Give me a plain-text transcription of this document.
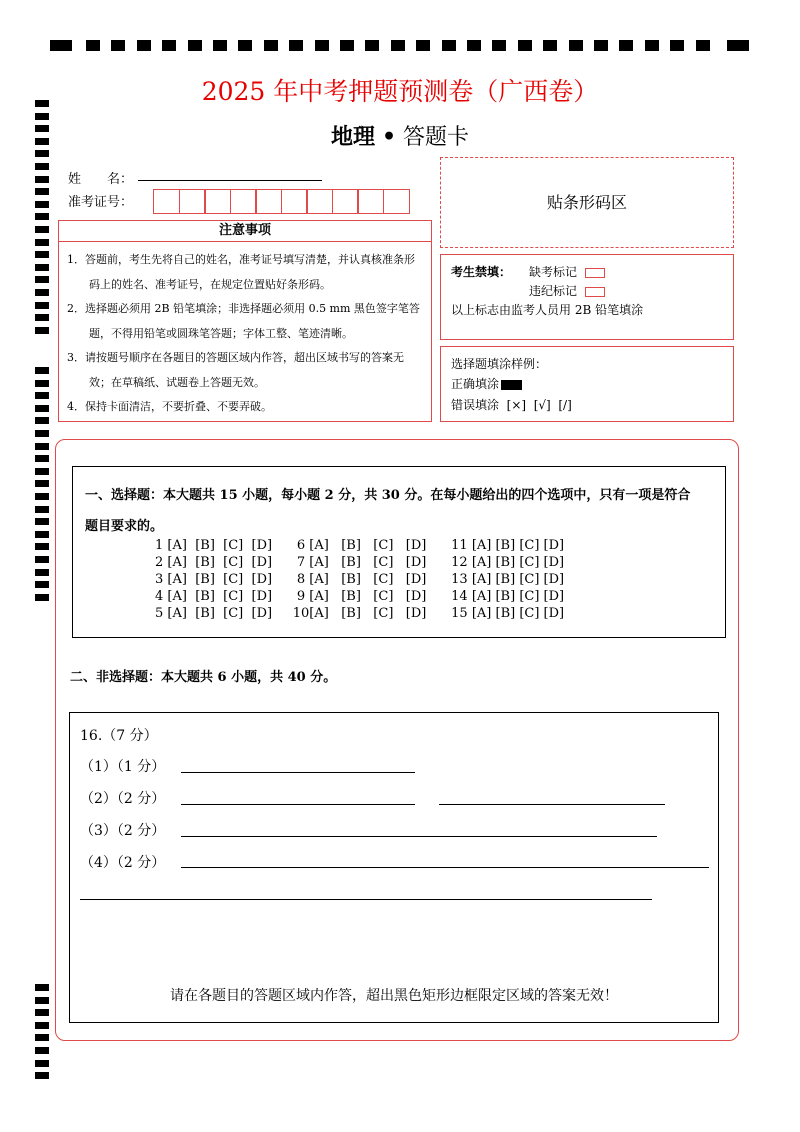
2025 年中考押题预测卷（广西卷）
地理 • 答题卡
姓　　名：
准考证号：	贴条形码区
注意事项
1．答题前，考生先将自己的姓名，准考证号填写清楚，并认真核准条形码上的姓名、准考证号，在规定位置贴好条形码。
2．选择题必须用 2B 铅笔填涂；非选择题必须用 0.5 mm 黑色签字笔答题，不得用铅笔或圆珠笔答题；字体工整、笔迹清晰。
3．请按题号顺序在各题目的答题区域内作答，超出区域书写的答案无效；在草稿纸、试题卷上答题无效。
4．保持卡面清洁，不要折叠、不要弄破。
考生禁填： 缺考标记
违纪标记
以上标志由监考人员用 2B 铅笔填涂
选择题填涂样例：
正确填涂
错误填涂 [×]  [√]  [/]
一、选择题：本大题共 15 小题，每小题 2 分，共 30 分。在每小题给出的四个选项中，只有一项是符合
题目要求的。
1 [A]  [B]  [C]  [D]      6 [A]   [B]   [C]   [D]      11 [A] [B] [C] [D]
2 [A]  [B]  [C]  [D]      7 [A]   [B]   [C]   [D]      12 [A] [B] [C] [D]
3 [A]  [B]  [C]  [D]      8 [A]   [B]   [C]   [D]      13 [A] [B] [C] [D]
4 [A]  [B]  [C]  [D]      9 [A]   [B]   [C]   [D]      14 [A] [B] [C] [D]
5 [A]  [B]  [C]  [D]     10[A]   [B]   [C]   [D]      15 [A] [B] [C] [D]
二、非选择题：本大题共 6 小题，共 40 分。
16.（7 分）
（1）（1 分）
（2）（2 分）
（3）（2 分）
（4）（2 分）
请在各题目的答题区域内作答，超出黑色矩形边框限定区域的答案无效！
